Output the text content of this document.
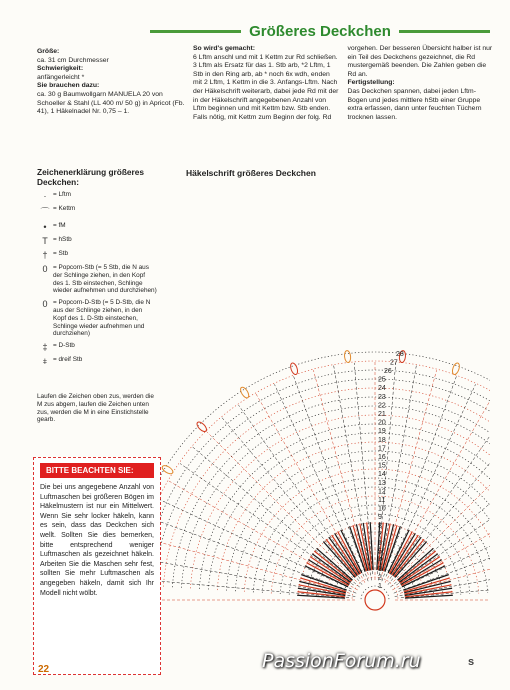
Größeres Deckchen

Größe:

ca. 31 cm Durchmesser

Schwierigkeit:

anfängerleicht *

Sie brauchen dazu:

ca. 30 g Baumwollgarn MANUELA 20 von Schoeller & Stahl (LL 400 m/ 50 g) in Apricot (Fb. 41), 1 Häkelnadel Nr. 0,75 – 1.

So wird's gemacht:

6 Lftm anschl und mit 1 Kettm zur Rd schließen. 3 Lftm als Ersatz für das 1. Stb arb, *2 Lftm, 1 Stb in den Ring arb, ab * noch 6x wdh, enden mit 2 Lftm, 1 Kettm in die 3. Anfangs-Lftm. Nach der Häkelschrift weiterarb, dabei jede Rd mit der in der Häkelschrift angegebenen Anzahl von Lftm beginnen und mit Kettm bzw. Stb enden. Falls nötig, mit Kettm zum Beginn der folg. Rd vorgehen. Der besseren Übersicht halber ist nur ein Teil des Deckchens gezeichnet, die Rd mustergemäß beenden. Die Zahlen geben die Rd an.

Fertigstellung:

Das Deckchen spannen, dabei jeden Lftm-Bogen und jedes mittlere hStb einer Gruppe extra erfassen, dann unter feuchten Tüchern trocknen lassen.

Häkelschrift größeres Deckchen
Zeichenerklärung größeres Deckchen:
·	= Lftm
⌒ = Kettm
•	= fM
T = hStb
† = Stb
0 = Popcorn-Stb (= 5 Stb, die N aus der Schlinge ziehen, in den Kopf des 1. Stb einstechen, Schlinge wieder aufnehmen und durchziehen)
0 = Popcorn-D-Stb (= 5 D-Stb, die N aus der Schlinge ziehen, in den Kopf des 1. D-Stb einstechen, Schlinge wieder aufnehmen und durchziehen)
‡ = D-Stb
⧧ = dreif Stb
Laufen die Zeichen oben zus, werden die M zus abgem, laufen die Zeichen unten zus, werden die M in eine Einstichstelle gearb.
BITTE BEACHTEN SIE:
Die bei uns angegebene Anzahl von Luftmaschen bei größeren Bögen im Häkelmustern ist nur ein Mittelwert. Wenn Sie sehr locker häkeln, kann es sein, dass das Deckchen sich wellt. Sollten Sie dies bemerken, bitte entsprechend weniger Luftmaschen als gezeichnet häkeln. Arbeiten Sie die Maschen sehr fest, sollten Sie mehr Luftmaschen als angegeben häkeln, damit sich Ihr Modell nicht wölbt.
1
2
3
4
5
6
7
8
9
10
11
12
13
14
15
16
17
18
19
20
21
22
23
24
25
26
27
28
22	PassionForum.ru	s
